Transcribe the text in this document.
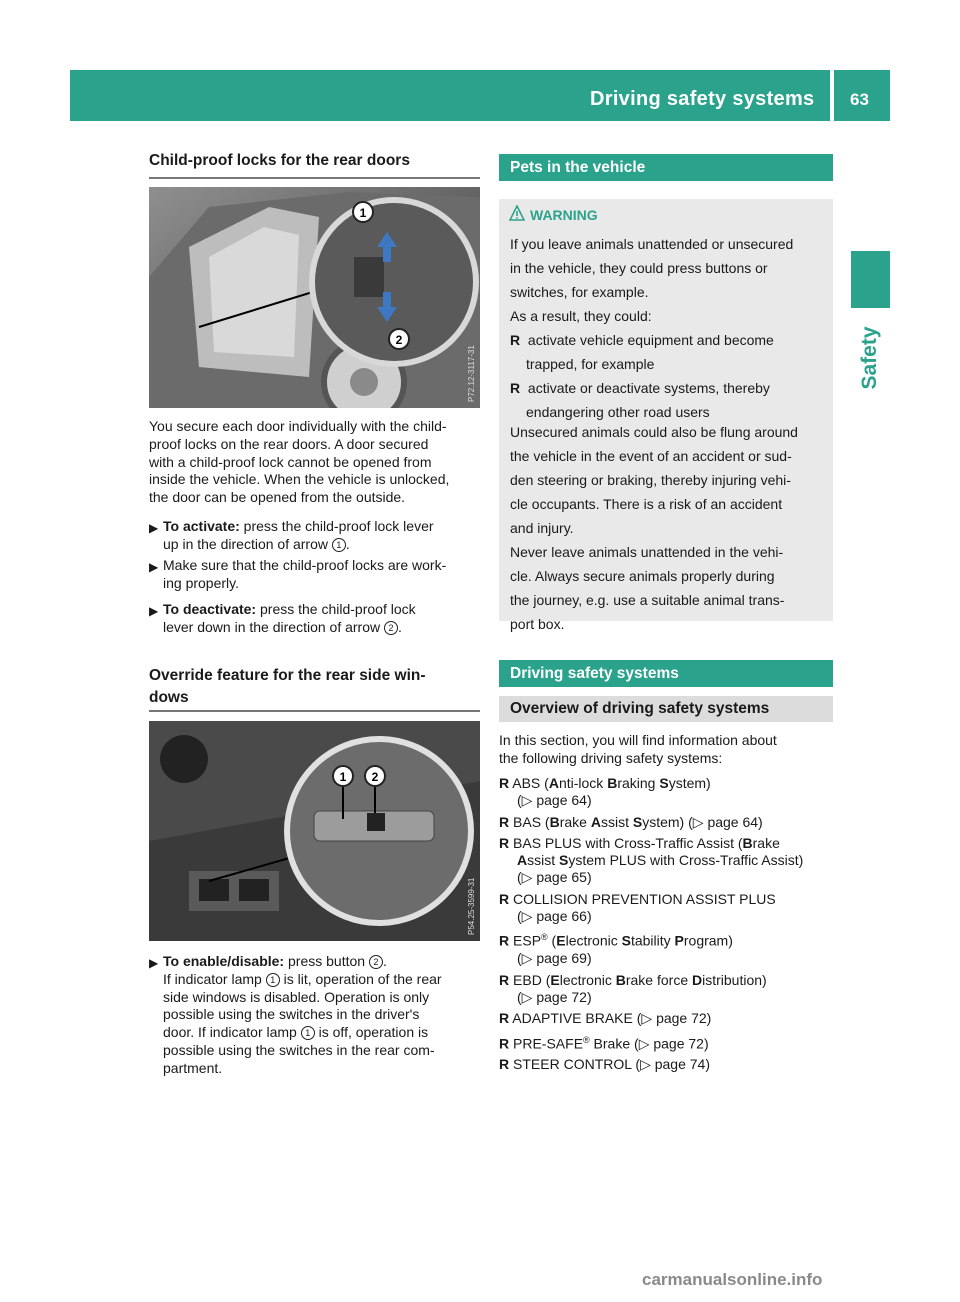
Driving safety systems 63
Safety
Child-proof locks for the rear doors
1
2
P72.12-3117-31
You secure each door individually with the child-
proof locks on the rear doors. A door secured
with a child-proof lock cannot be opened from
inside the vehicle. When the vehicle is unlocked,
the door can be opened from the outside.
▶ To activate: press the child-proof lock lever
up in the direction of arrow 1 .
▶ Make sure that the child-proof locks are work-
ing properly.
▶ To deactivate: press the child-proof lock
lever down in the direction of arrow 2 .
Override feature for the rear side win-
dows
1 2
P54.25-3599-31
▶ To enable/disable: press button 2 .
If indicator lamp 1 is lit, operation of the rear
side windows is disabled. Operation is only
possible using the switches in the driver's
door. If indicator lamp 1 is off, operation is
possible using the switches in the rear com-
partment.
Pets in the vehicle
WARNING
If you leave animals unattended or unsecured
in the vehicle, they could press buttons or
switches, for example.
As a result, they could:
R activate vehicle equipment and become
trapped, for example
R activate or deactivate systems, thereby
endangering other road users
Unsecured animals could also be flung around
the vehicle in the event of an accident or sud-
den steering or braking, thereby injuring vehi-
cle occupants. There is a risk of an accident
and injury.
Never leave animals unattended in the vehi-
cle. Always secure animals properly during
the journey, e.g. use a suitable animal trans-
port box.
Driving safety systems
Overview of driving safety systems
In this section, you will find information about
the following driving safety systems:
R ABS (Anti-lock Braking System)
(▷ page 64)
R BAS (Brake Assist System) (▷ page 64)
R BAS PLUS with Cross-Traffic Assist (Brake
Assist System PLUS with Cross-Traffic Assist)
(▷ page 65)
R COLLISION PREVENTION ASSIST PLUS
(▷ page 66)
R ESP® (Electronic Stability Program)
(▷ page 69)
R EBD (Electronic Brake force Distribution)
(▷ page 72)
R ADAPTIVE BRAKE (▷ page 72)
R PRE-SAFE® Brake (▷ page 72)
R STEER CONTROL (▷ page 74)
carmanualsonline.info
